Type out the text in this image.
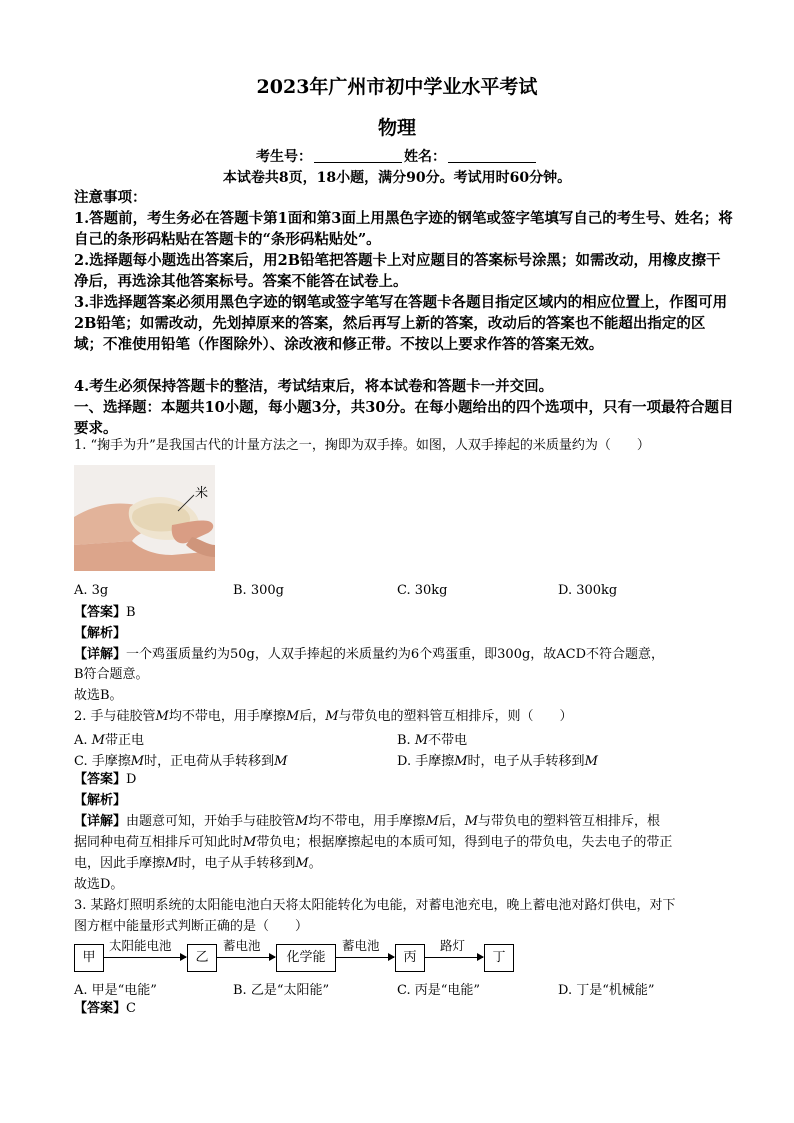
2023年广州市初中学业水平考试
物理
考生号：	姓名：
本试卷共8页，18小题，满分90分。考试用时60分钟。
注意事项：
1.答题前，考生务必在答题卡第1面和第3面上用黑色字迹的钢笔或签字笔填写自己的考生号、姓名；将自己的条形码粘贴在答题卡的“条形码粘贴处”。
2.选择题每小题选出答案后，用2B铅笔把答题卡上对应题目的答案标号涂黑；如需改动，用橡皮擦干净后，再选涂其他答案标号。答案不能答在试卷上。
3.非选择题答案必须用黑色字迹的钢笔或签字笔写在答题卡各题目指定区域内的相应位置上，作图可用2B铅笔；如需改动，先划掉原来的答案，然后再写上新的答案，改动后的答案也不能超出指定的区域；不准使用铅笔（作图除外）、涂改液和修正带。不按以上要求作答的答案无效。
4.考生必须保持答题卡的整洁，考试结束后，将本试卷和答题卡一并交回。
一、选择题：本题共10小题，每小题3分，共30分。在每小题给出的四个选项中，只有一项最符合题目要求。
1. “掬手为升”是我国古代的计量方法之一，掬即为双手捧。如图，人双手捧起的米质量约为（　　）
米
A. 3g	B. 300g	C. 30kg	D. 300kg
【答案】B
【解析】
【详解】一个鸡蛋质量约为50g，人双手捧起的米质量约为6个鸡蛋重，即300g，故ACD不符合题意，
B符合题意。
故选B。
2. 手与硅胶管M均不带电，用手摩擦M后，M与带负电的塑料管互相排斥，则（　　）
A. M带正电	B. M不带电
C. 手摩擦M时，正电荷从手转移到M	D. 手摩擦M时，电子从手转移到M
【答案】D
【解析】
【详解】由题意可知，开始手与硅胶管M均不带电，用手摩擦M后，M与带负电的塑料管互相排斥，根
据同种电荷互相排斥可知此时M带负电；根据摩擦起电的本质可知，得到电子的带负电，失去电子的带正
电，因此手摩擦M时，电子从手转移到M。
故选D。
3. 某路灯照明系统的太阳能电池白天将太阳能转化为电能，对蓄电池充电，晚上蓄电池对路灯供电，对下
图方框中能量形式判断正确的是（　　）
甲
太阳能电池
乙
蓄电池
化学能
蓄电池
丙
路灯
丁
A. 甲是“电能”	B. 乙是“太阳能”	C. 丙是“电能”	D. 丁是“机械能”
【答案】C
